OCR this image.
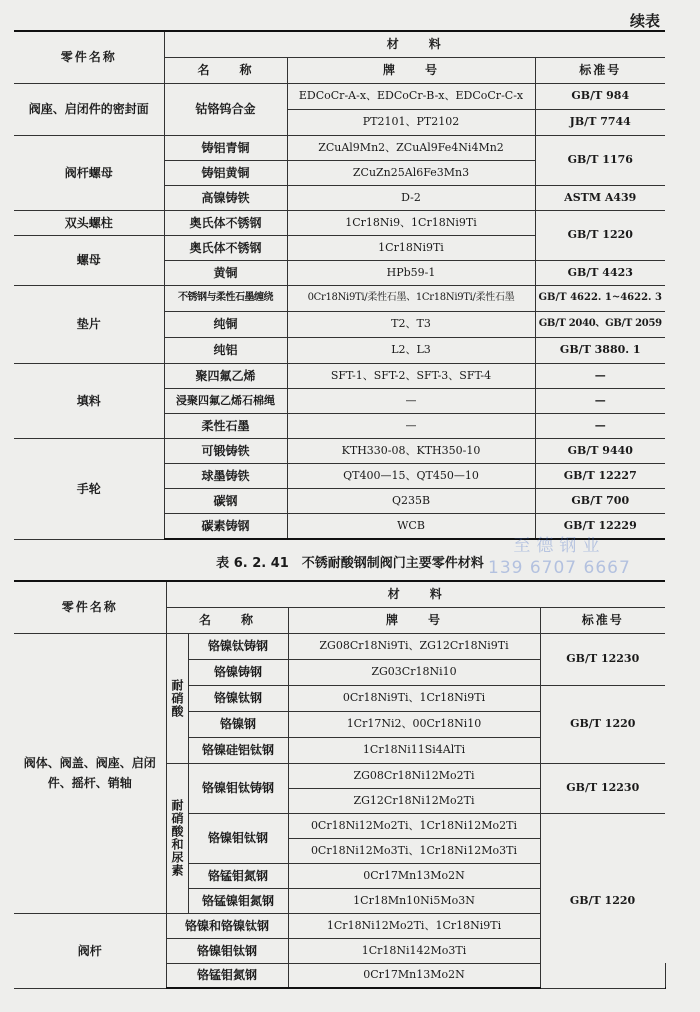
续表
零件名称	材　　料		
	名　　称	牌　　号	标准号
阀座、启闭件的密封面	钴铬钨合金	EDCoCr-A-x、EDCoCr-B-x、EDCoCr-C-x	GB/T 984
		PT2101、PT2102	JB/T 7744
阀杆螺母	铸铝青铜	ZCuAl9Mn2、ZCuAl9Fe4Ni4Mn2	GB/T 1176
	铸铝黄铜	ZCuZn25Al6Fe3Mn3	
	高镍铸铁	D-2	ASTM A439
双头螺柱	奥氏体不锈钢	1Cr18Ni9、1Cr18Ni9Ti	GB/T 1220
螺母	奥氏体不锈钢	1Cr18Ni9Ti	
	黄铜	HPb59-1	GB/T 4423
垫片	不锈钢与柔性石墨缠绕	0Cr18Ni9Ti/柔性石墨、1Cr18Ni9Ti/柔性石墨	GB/T 4622. 1~4622. 3
	纯铜	T2、T3	GB/T 2040、GB/T 2059
	纯铝	L2、L3	GB/T 3880. 1
填料	聚四氟乙烯	SFT-1、SFT-2、SFT-3、SFT-4	—
	浸聚四氟乙烯石棉绳	—	—
	柔性石墨	—	—
手轮	可锻铸铁	KTH330-08、KTH350-10	GB/T 9440
	球墨铸铁	QT400—15、QT450—10	GB/T 12227
	碳钢	Q235B	GB/T 700
	碳素铸钢	WCB	GB/T 12229
表 6. 2. 41　不锈耐酸钢制阀门主要零件材料
至德钢业
139 6707 6667
零件名称	材　　料				
	名　　称		牌　　号	标准号	
阀体、阀盖、阀座、启闭件、摇杆、销轴	耐硝酸	铬镍钛铸钢	ZG08Cr18Ni9Ti、ZG12Cr18Ni9Ti	GB/T 12230	
		铬镍铸钢	ZG03Cr18Ni10		
		铬镍钛钢	0Cr18Ni9Ti、1Cr18Ni9Ti	GB/T 1220	
		铬镍钢	1Cr17Ni2、00Cr18Ni10		
		铬镍硅铝钛钢	1Cr18Ni11Si4AlTi		
	耐硝酸和尿素	铬镍钼钛铸钢	ZG08Cr18Ni12Mo2Ti	GB/T 12230	
			ZG12Cr18Ni12Mo2Ti		
		铬镍钼钛钢	0Cr18Ni12Mo2Ti、1Cr18Ni12Mo2Ti	GB/T 1220	
			0Cr18Ni12Mo3Ti、1Cr18Ni12Mo3Ti		
		铬锰钼氮钢	0Cr17Mn13Mo2N		
		铬锰镍钼氮钢	1Cr18Mn10Ni5Mo3N		
阀杆	铬镍和铬镍钛钢		1Cr18Ni12Mo2Ti、1Cr18Ni9Ti		
	铬镍钼钛钢		1Cr18Ni142Mo3Ti		
	铬锰钼氮钢		0Cr17Mn13Mo2N	
